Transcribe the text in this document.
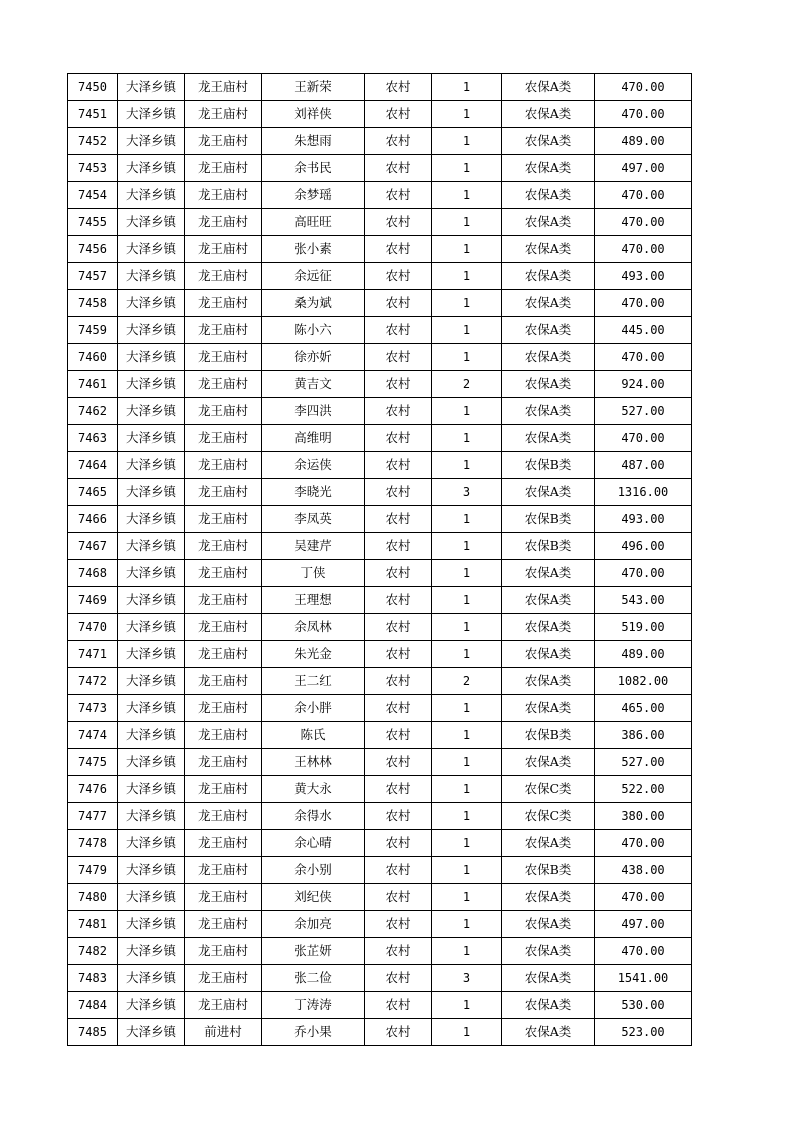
7450	大泽乡镇	龙王庙村	王新荣	农村	1	农保A类	470.00
7451	大泽乡镇	龙王庙村	刘祥侠	农村	1	农保A类	470.00
7452	大泽乡镇	龙王庙村	朱想雨	农村	1	农保A类	489.00
7453	大泽乡镇	龙王庙村	余书民	农村	1	农保A类	497.00
7454	大泽乡镇	龙王庙村	余梦瑶	农村	1	农保A类	470.00
7455	大泽乡镇	龙王庙村	高旺旺	农村	1	农保A类	470.00
7456	大泽乡镇	龙王庙村	张小素	农村	1	农保A类	470.00
7457	大泽乡镇	龙王庙村	余远征	农村	1	农保A类	493.00
7458	大泽乡镇	龙王庙村	桑为斌	农村	1	农保A类	470.00
7459	大泽乡镇	龙王庙村	陈小六	农村	1	农保A类	445.00
7460	大泽乡镇	龙王庙村	徐亦妡	农村	1	农保A类	470.00
7461	大泽乡镇	龙王庙村	黄吉文	农村	2	农保A类	924.00
7462	大泽乡镇	龙王庙村	李四洪	农村	1	农保A类	527.00
7463	大泽乡镇	龙王庙村	高维明	农村	1	农保A类	470.00
7464	大泽乡镇	龙王庙村	余运侠	农村	1	农保B类	487.00
7465	大泽乡镇	龙王庙村	李晓光	农村	3	农保A类	1316.00
7466	大泽乡镇	龙王庙村	李凤英	农村	1	农保B类	493.00
7467	大泽乡镇	龙王庙村	吴建芹	农村	1	农保B类	496.00
7468	大泽乡镇	龙王庙村	丁侠	农村	1	农保A类	470.00
7469	大泽乡镇	龙王庙村	王理想	农村	1	农保A类	543.00
7470	大泽乡镇	龙王庙村	余凤林	农村	1	农保A类	519.00
7471	大泽乡镇	龙王庙村	朱光金	农村	1	农保A类	489.00
7472	大泽乡镇	龙王庙村	王二红	农村	2	农保A类	1082.00
7473	大泽乡镇	龙王庙村	余小胖	农村	1	农保A类	465.00
7474	大泽乡镇	龙王庙村	陈氏	农村	1	农保B类	386.00
7475	大泽乡镇	龙王庙村	王林林	农村	1	农保A类	527.00
7476	大泽乡镇	龙王庙村	黄大永	农村	1	农保C类	522.00
7477	大泽乡镇	龙王庙村	余得水	农村	1	农保C类	380.00
7478	大泽乡镇	龙王庙村	余心晴	农村	1	农保A类	470.00
7479	大泽乡镇	龙王庙村	余小别	农村	1	农保B类	438.00
7480	大泽乡镇	龙王庙村	刘纪侠	农村	1	农保A类	470.00
7481	大泽乡镇	龙王庙村	余加亮	农村	1	农保A类	497.00
7482	大泽乡镇	龙王庙村	张芷妍	农村	1	农保A类	470.00
7483	大泽乡镇	龙王庙村	张二俭	农村	3	农保A类	1541.00
7484	大泽乡镇	龙王庙村	丁涛涛	农村	1	农保A类	530.00
7485	大泽乡镇	前进村	乔小果	农村	1	农保A类	523.00
